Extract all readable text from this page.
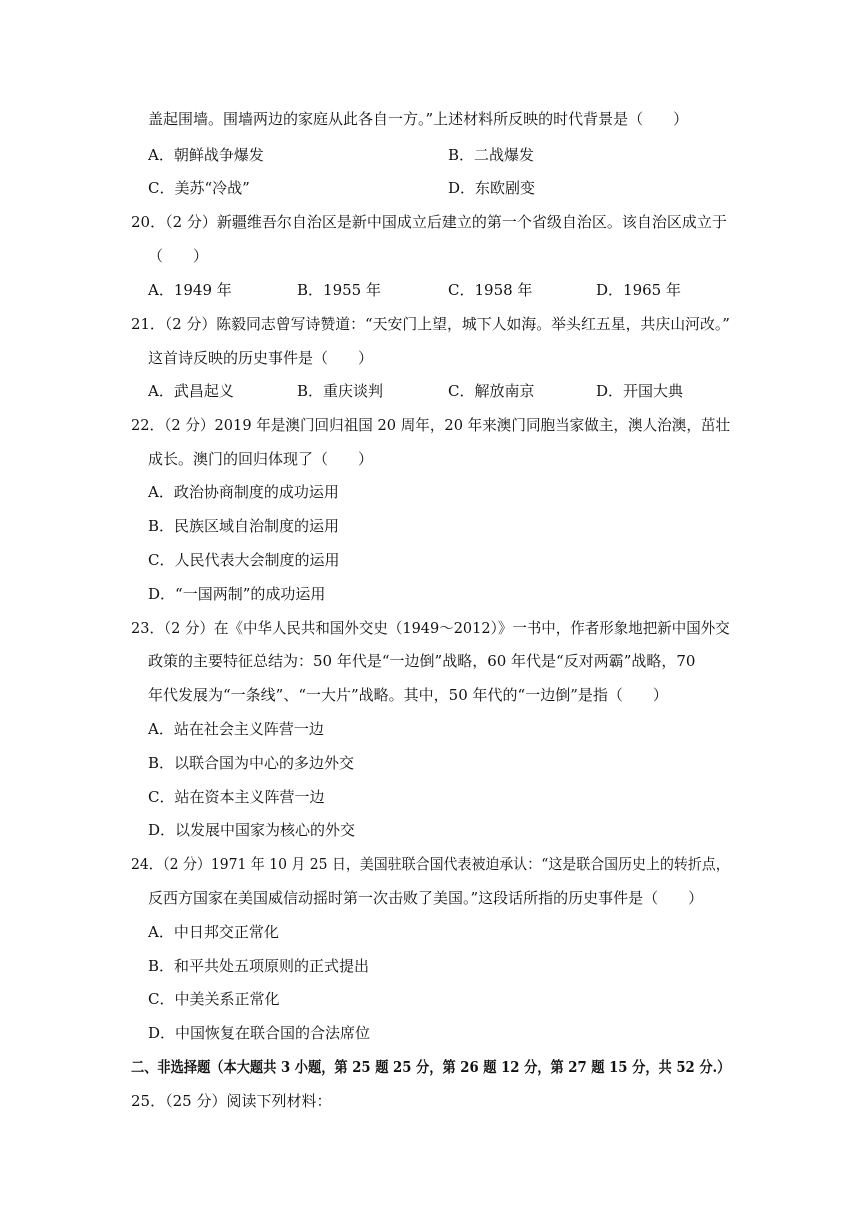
盖起围墙。围墙两边的家庭从此各自一方。”上述材料所反映的时代背景是（　　）
A．朝鲜战争爆发	B．二战爆发
C．美苏“冷战”	D．东欧剧变
20．（2 分）新疆维吾尔自治区是新中国成立后建立的第一个省级自治区。该自治区成立于
（　　）
A．1949 年	B．1955 年	C．1958 年	D．1965 年
21．（2 分）陈毅同志曾写诗赞道：“天安门上望，城下人如海。举头红五星，共庆山河改。”
这首诗反映的历史事件是（　　）
A．武昌起义	B．重庆谈判	C．解放南京	D．开国大典
22．（2 分）2019 年是澳门回归祖国 20 周年，20 年来澳门同胞当家做主，澳人治澳，茁壮
成长。澳门的回归体现了（　　）
A．政治协商制度的成功运用
B．民族区域自治制度的运用
C．人民代表大会制度的运用
D．“一国两制”的成功运用
23．（2 分）在《中华人民共和国外交史（1949～2012）》一书中，作者形象地把新中国外交
政策的主要特征总结为：50 年代是“一边倒”战略，60 年代是“反对两霸”战略，70
年代发展为“一条线”、“一大片”战略。其中，50 年代的“一边倒”是指（　　）
A．站在社会主义阵营一边
B．以联合国为中心的多边外交
C．站在资本主义阵营一边
D．以发展中国家为核心的外交
24．（2 分）1971 年 10 月 25 日，美国驻联合国代表被迫承认：“这是联合国历史上的转折点，
反西方国家在美国威信动摇时第一次击败了美国。”这段话所指的历史事件是（　　）
A．中日邦交正常化
B．和平共处五项原则的正式提出
C．中美关系正常化
D．中国恢复在联合国的合法席位
二、非选择题（本大题共 3 小题，第 25 题 25 分，第 26 题 12 分，第 27 题 15 分，共 52 分.）
25．（25 分）阅读下列材料：
